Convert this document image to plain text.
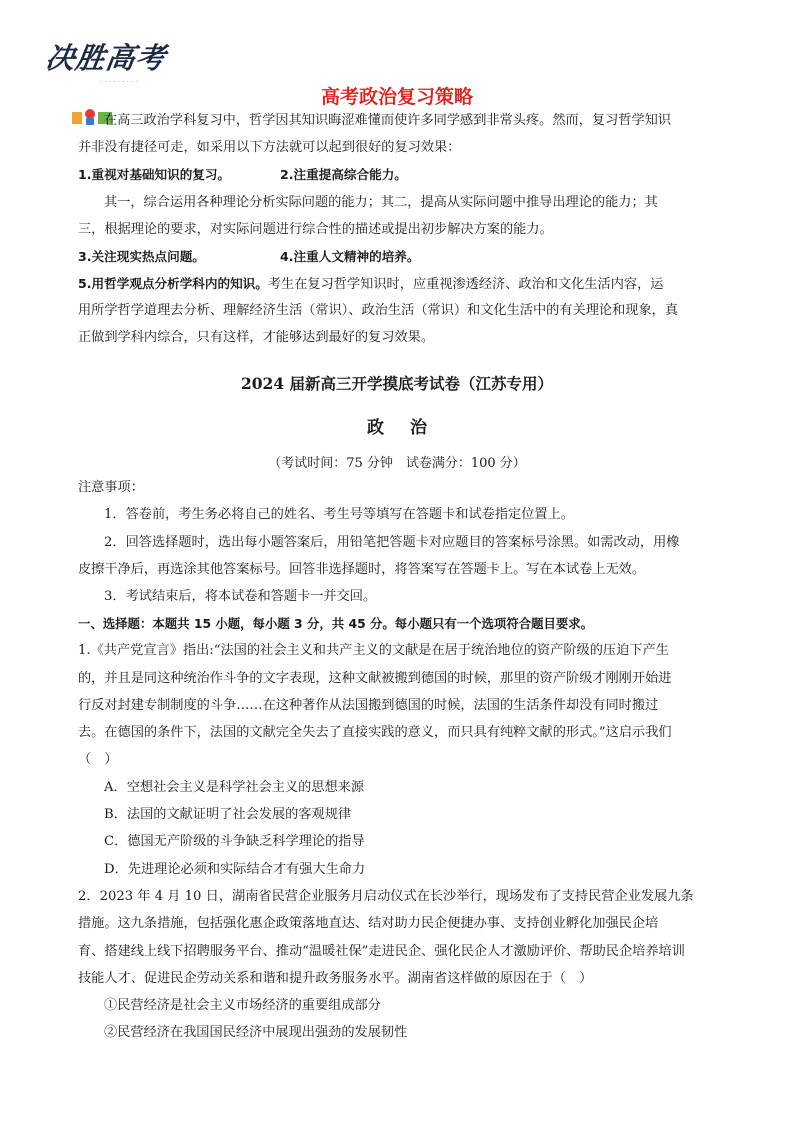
决胜高考
· · · · · · · · ·
高考政治复习策略
在高三政治学科复习中，哲学因其知识晦涩难懂而使许多同学感到非常头疼。然而，复习哲学知识
并非没有捷径可走，如采用以下方法就可以起到很好的复习效果：
1.重视对基础知识的复习。	2.注重提高综合能力。
其一，综合运用各种理论分析实际问题的能力；其二，提高从实际问题中推导出理论的能力；其
三，根据理论的要求，对实际问题进行综合性的描述或提出初步解决方案的能力。
3.关注现实热点问题。	4.注重人文精神的培养。
5.用哲学观点分析学科内的知识。考生在复习哲学知识时，应重视渗透经济、政治和文化生活内容，运
用所学哲学道理去分析、理解经济生活（常识）、政治生活（常识）和文化生活中的有关理论和现象，真
正做到学科内综合，只有这样，才能够达到最好的复习效果。
2024 届新高三开学摸底考试卷（江苏专用）
政治
（考试时间：75 分钟　试卷满分：100 分）
注意事项：
1．答卷前，考生务必将自己的姓名、考生号等填写在答题卡和试卷指定位置上。
2．回答选择题时，选出每小题答案后，用铅笔把答题卡对应题目的答案标号涂黑。如需改动，用橡
皮擦干净后，再选涂其他答案标号。回答非选择题时，将答案写在答题卡上。写在本试卷上无效。
3．考试结束后，将本试卷和答题卡一并交回。
一、选择题：本题共 15 小题，每小题 3 分，共 45 分。每小题只有一个选项符合题目要求。
1.《共产党宣言》指出:“法国的社会主义和共产主义的文献是在居于统治地位的资产阶级的压迫下产生
的，并且是同这种统治作斗争的文字表现，这种文献被搬到德国的时候，那里的资产阶级才刚刚开始进
行反对封建专制制度的斗争……在这种著作从法国搬到德国的时候，法国的生活条件却没有同时搬过
去。在德国的条件下，法国的文献完全失去了直接实践的意义，而只具有纯粹文献的形式。”这启示我们
（　）
A．空想社会主义是科学社会主义的思想来源
B．法国的文献证明了社会发展的客观规律
C．德国无产阶级的斗争缺乏科学理论的指导
D．先进理论必须和实际结合才有强大生命力
2．2023 年 4 月 10 日，湖南省民营企业服务月启动仪式在长沙举行，现场发布了支持民营企业发展九条
措施。这九条措施，包括强化惠企政策落地直达、结对助力民企便捷办事、支持创业孵化加强民企培
育、搭建线上线下招聘服务平台、推动“温暖社保”走进民企、强化民企人才激励评价、帮助民企培养培训
技能人才、促进民企劳动关系和谐和提升政务服务水平。湖南省这样做的原因在于（　）
①民营经济是社会主义市场经济的重要组成部分
②民营经济在我国国民经济中展现出强劲的发展韧性
